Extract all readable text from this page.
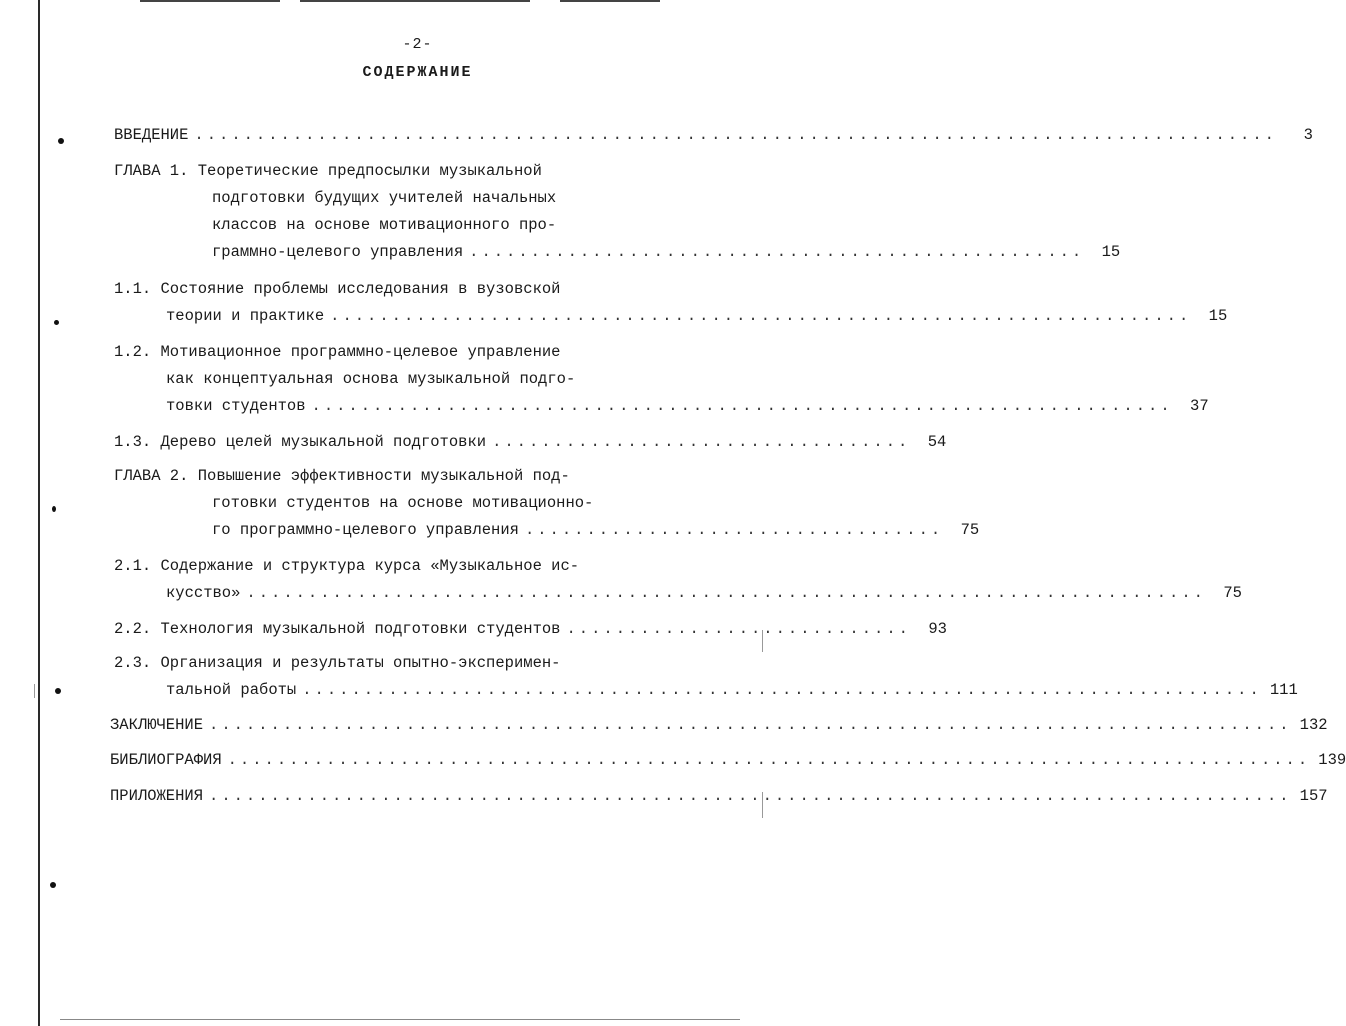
-2-
СОДЕРЖАНИЕ
ВВЕДЕНИЕ ........................................................................................	3
ГЛАВА 1. Теоретические предпосылки музыкальной
подготовки будущих учителей начальных
классов на основе мотивационного про-
граммно-целевого управления ..................................................	15
1.1. Состояние проблемы исследования в вузовской
теории и практике ......................................................................	15
1.2. Мотивационное программно-целевое управление
как концептуальная основа музыкальной подго-
товки студентов ......................................................................	37
1.3. Дерево целей музыкальной подготовки ..................................	54
ГЛАВА 2. Повышение эффективности музыкальной под-
готовки студентов на основе мотивационно-
го программно-целевого управления ..................................	75
2.1. Содержание и структура курса «Музыкальное ис-
кусство» ..............................................................................	75
2.2. Технология музыкальной подготовки студентов ............................	93
2.3. Организация и результаты опытно-эксперимен-
тальной работы .............................................................................. 111
ЗАКЛЮЧЕНИЕ ........................................................................................ 132
БИБЛИОГРАФИЯ ........................................................................................ 139
ПРИЛОЖЕНИЯ ........................................................................................ 157
